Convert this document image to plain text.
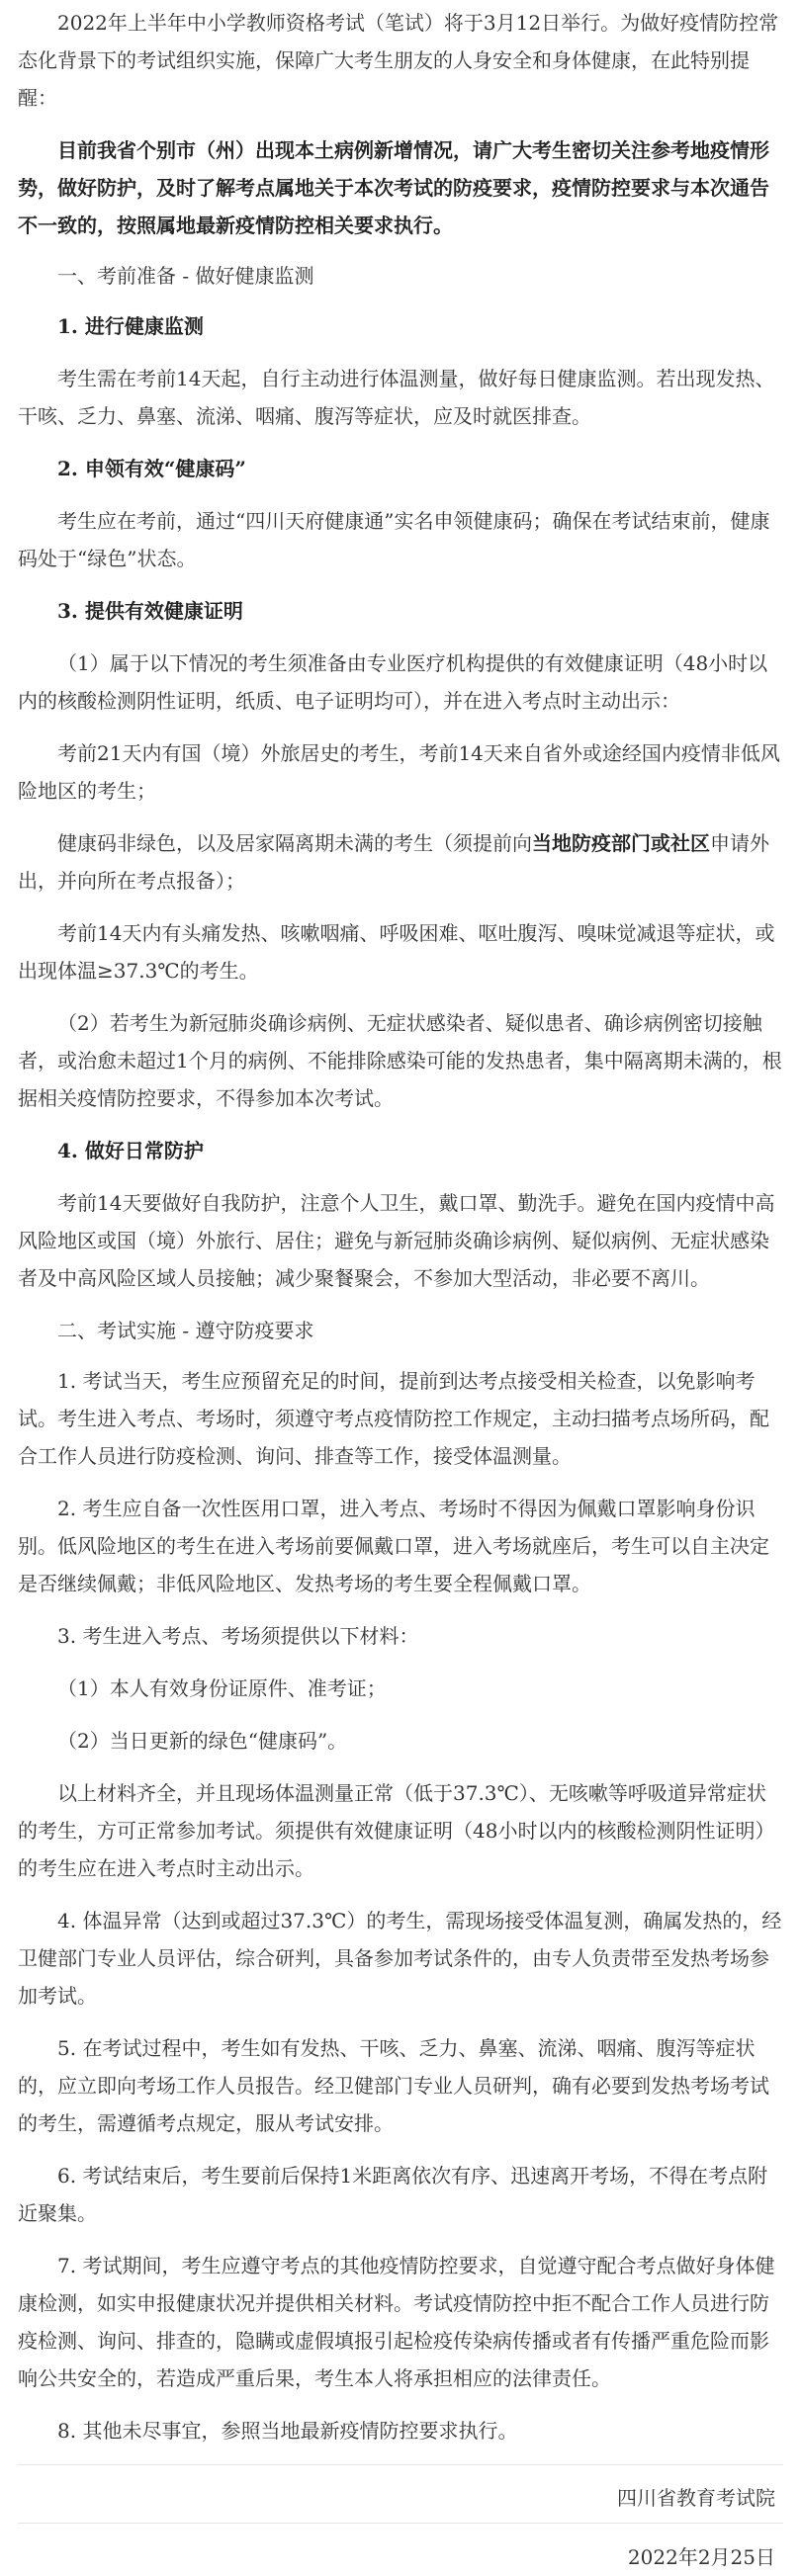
2022年上半年中小学教师资格考试（笔试）将于3月12日举行。为做好疫情防控常态化背景下的考试组织实施，保障广大考生朋友的人身安全和身体健康，在此特别提醒：

目前我省个别市（州）出现本土病例新增情况，请广大考生密切关注参考地疫情形势，做好防护，及时了解考点属地关于本次考试的防疫要求，疫情防控要求与本次通告不一致的，按照属地最新疫情防控相关要求执行。

一、考前准备 - 做好健康监测

1. 进行健康监测

考生需在考前14天起，自行主动进行体温测量，做好每日健康监测。若出现发热、干咳、乏力、鼻塞、流涕、咽痛、腹泻等症状，应及时就医排查。

2. 申领有效“健康码”

考生应在考前，通过“四川天府健康通”实名申领健康码；确保在考试结束前，健康码处于“绿色”状态。

3. 提供有效健康证明

（1）属于以下情况的考生须准备由专业医疗机构提供的有效健康证明（48小时以内的核酸检测阴性证明，纸质、电子证明均可），并在进入考点时主动出示：

考前21天内有国（境）外旅居史的考生，考前14天来自省外或途经国内疫情非低风险地区的考生；

健康码非绿色，以及居家隔离期未满的考生（须提前向当地防疫部门或社区申请外出，并向所在考点报备）；

考前14天内有头痛发热、咳嗽咽痛、呼吸困难、呕吐腹泻、嗅味觉减退等症状，或出现体温≥37.3℃的考生。

（2）若考生为新冠肺炎确诊病例、无症状感染者、疑似患者、确诊病例密切接触者，或治愈未超过1个月的病例、不能排除感染可能的发热患者，集中隔离期未满的，根据相关疫情防控要求，不得参加本次考试。

4. 做好日常防护

考前14天要做好自我防护，注意个人卫生，戴口罩、勤洗手。避免在国内疫情中高风险地区或国（境）外旅行、居住；避免与新冠肺炎确诊病例、疑似病例、无症状感染者及中高风险区域人员接触；减少聚餐聚会，不参加大型活动，非必要不离川。

二、考试实施 - 遵守防疫要求

1. 考试当天，考生应预留充足的时间，提前到达考点接受相关检查，以免影响考试。考生进入考点、考场时，须遵守考点疫情防控工作规定，主动扫描考点场所码，配合工作人员进行防疫检测、询问、排查等工作，接受体温测量。

2. 考生应自备一次性医用口罩，进入考点、考场时不得因为佩戴口罩影响身份识别。低风险地区的考生在进入考场前要佩戴口罩，进入考场就座后，考生可以自主决定是否继续佩戴；非低风险地区、发热考场的考生要全程佩戴口罩。

3. 考生进入考点、考场须提供以下材料：

（1）本人有效身份证原件、准考证；

（2）当日更新的绿色“健康码”。

以上材料齐全，并且现场体温测量正常（低于37.3℃）、无咳嗽等呼吸道异常症状的考生，方可正常参加考试。须提供有效健康证明（48小时以内的核酸检测阴性证明）的考生应在进入考点时主动出示。

4. 体温异常（达到或超过37.3℃）的考生，需现场接受体温复测，确属发热的，经卫健部门专业人员评估，综合研判，具备参加考试条件的，由专人负责带至发热考场参加考试。

5. 在考试过程中，考生如有发热、干咳、乏力、鼻塞、流涕、咽痛、腹泻等症状的，应立即向考场工作人员报告。经卫健部门专业人员研判，确有必要到发热考场考试的考生，需遵循考点规定，服从考试安排。

6. 考试结束后，考生要前后保持1米距离依次有序、迅速离开考场，不得在考点附近聚集。

7. 考试期间，考生应遵守考点的其他疫情防控要求，自觉遵守配合考点做好身体健康检测，如实申报健康状况并提供相关材料。考试疫情防控中拒不配合工作人员进行防疫检测、询问、排查的，隐瞒或虚假填报引起检疫传染病传播或者有传播严重危险而影响公共安全的，若造成严重后果，考生本人将承担相应的法律责任。

8. 其他未尽事宜，参照当地最新疫情防控要求执行。

四川省教育考试院

2022年2月25日
